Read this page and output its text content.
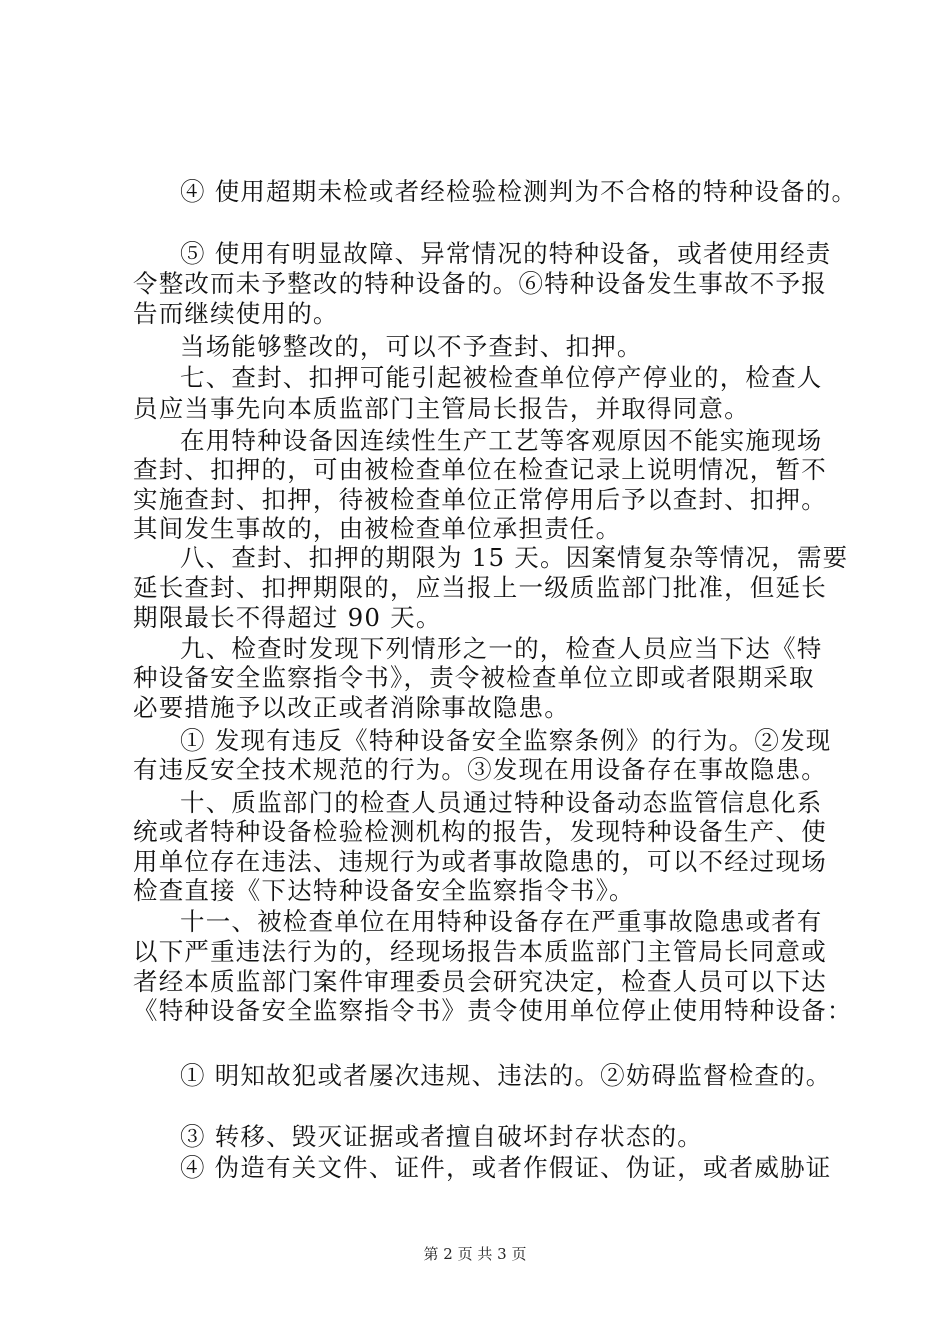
④ 使用超期未检或者经检验检测判为不合格的特种设备的。
⑤ 使用有明显故障、异常情况的特种设备，或者使用经责
令整改而未予整改的特种设备的。⑥特种设备发生事故不予报
告而继续使用的。
当场能够整改的，可以不予查封、扣押。
七、查封、扣押可能引起被检查单位停产停业的，检查人
员应当事先向本质监部门主管局长报告，并取得同意。
在用特种设备因连续性生产工艺等客观原因不能实施现场
查封、扣押的，可由被检查单位在检查记录上说明情况，暂不
实施查封、扣押，待被检查单位正常停用后予以查封、扣押。
其间发生事故的，由被检查单位承担责任。
八、查封、扣押的期限为 15 天。因案情复杂等情况，需要
延长查封、扣押期限的，应当报上一级质监部门批准，但延长
期限最长不得超过 90 天。
九、检查时发现下列情形之一的，检查人员应当下达《特
种设备安全监察指令书》，责令被检查单位立即或者限期采取
必要措施予以改正或者消除事故隐患。
① 发现有违反《特种设备安全监察条例》的行为。②发现
有违反安全技术规范的行为。③发现在用设备存在事故隐患。
十、质监部门的检查人员通过特种设备动态监管信息化系
统或者特种设备检验检测机构的报告，发现特种设备生产、使
用单位存在违法、违规行为或者事故隐患的，可以不经过现场
检查直接《下达特种设备安全监察指令书》。
十一、被检查单位在用特种设备存在严重事故隐患或者有
以下严重违法行为的，经现场报告本质监部门主管局长同意或
者经本质监部门案件审理委员会研究决定，检查人员可以下达
《特种设备安全监察指令书》责令使用单位停止使用特种设备：
① 明知故犯或者屡次违规、违法的。②妨碍监督检查的。
③ 转移、毁灭证据或者擅自破坏封存状态的。
④ 伪造有关文件、证件，或者作假证、伪证，或者威胁证
第 2 页 共 3 页
